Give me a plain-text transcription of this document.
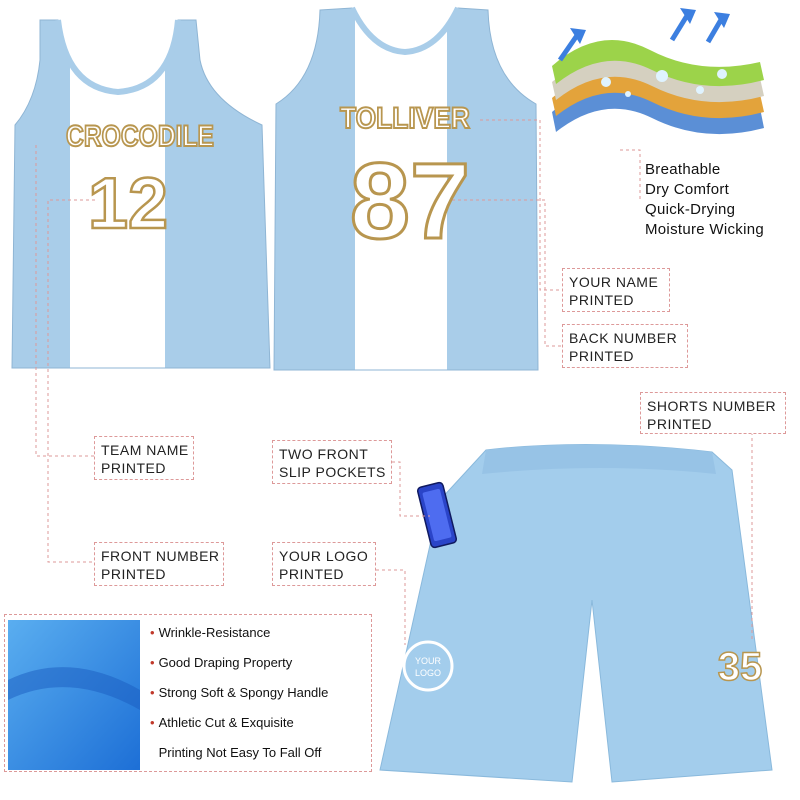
CROCODILE
12
TOLLIVER
87
35
YOUR
LOGO
Breathable
Dry Comfort
Quick-Drying
Moisture Wicking
YOUR NAME
PRINTED
BACK NUMBER
PRINTED
SHORTS NUMBER
PRINTED
TEAM NAME
PRINTED
TWO FRONT
SLIP POCKETS
FRONT NUMBER
PRINTED
YOUR LOGO
PRINTED
• Wrinkle-Resistance
• Good Draping Property
• Strong Soft & Spongy Handle
• Athletic Cut & Exquisite
Printing Not Easy To Fall Off
